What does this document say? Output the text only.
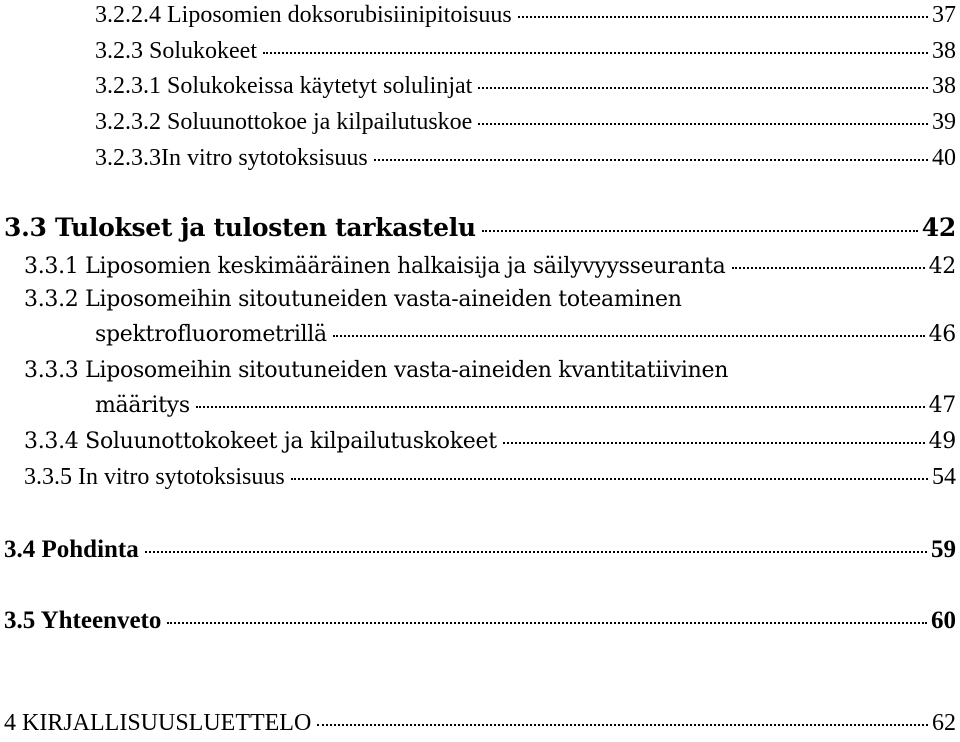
3.2.2.4 Liposomien doksorubisiinipitoisuus	37
3.2.3 Solukokeet	38
3.2.3.1 Solukokeissa käytetyt solulinjat	38
3.2.3.2 Soluunottokoe ja kilpailutuskoe	39
3.2.3.3In vitro sytotoksisuus	40
3.3 Tulokset ja tulosten tarkastelu	42
3.3.1 Liposomien keskimääräinen halkaisija ja säilyvyysseuranta	42
3.3.2 Liposomeihin sitoutuneiden vasta-aineiden toteaminen
spektrofluorometrillä	46
3.3.3 Liposomeihin sitoutuneiden vasta-aineiden kvantitatiivinen
määritys	47
3.3.4 Soluunottokokeet ja kilpailutuskokeet	49
3.3.5 In vitro sytotoksisuus	54
3.4 Pohdinta	59
3.5 Yhteenveto	60
4 KIRJALLISUUSLUETTELO	62
